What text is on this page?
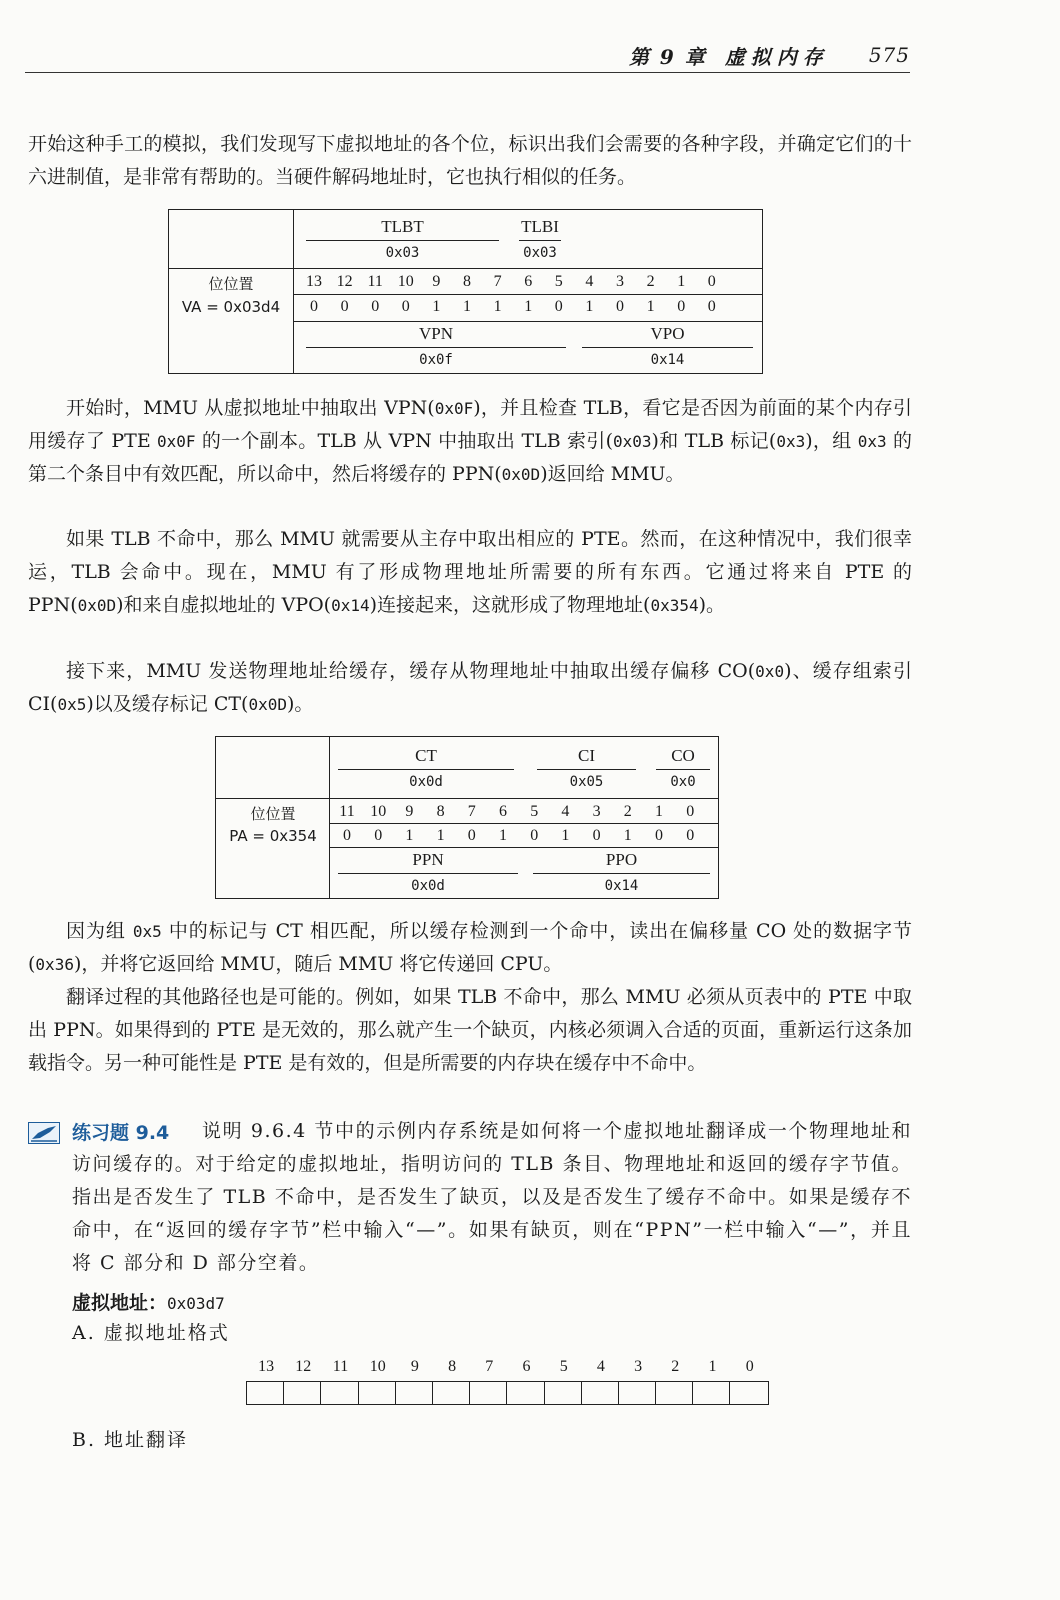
第 9 章 虚拟内存 575

开始这种手工的模拟，我们发现写下虚拟地址的各个位，标识出我们会需要的各种字段，并确定它们的十六进制值，是非常有帮助的。当硬件解码地址时，它也执行相似的任务。

TLBT
0x03
TLBI
0x03
位位置
VA = 0x03d4
13 12 11 10 9 8 7 6 5 4 3 2 1 0
0 0 0 0 1 1 1 1 0 1 0 1 0 0
VPN
0x0f
VPO
0x14
CT
0x0d
CI
0x05
CO
0x0
位位置
PA = 0x354
11 10 9 8 7 6 5 4 3 2 1 0
0 0 1 1 0 1 0 1 0 1 0 0
PPN
0x0d
PPO
0x14

开始时，MMU 从虚拟地址中抽取出 VPN(0x0F)，并且检查 TLB，看它是否因为前面的某个内存引用缓存了 PTE 0x0F 的一个副本。TLB 从 VPN 中抽取出 TLB 索引(0x03)和 TLB 标记(0x3)，组 0x3 的第二个条目中有效匹配，所以命中，然后将缓存的 PPN(0x0D)返回给 MMU。

如果 TLB 不命中，那么 MMU 就需要从主存中取出相应的 PTE。然而，在这种情况中，我们很幸运，TLB 会命中。现在，MMU 有了形成物理地址所需要的所有东西。它通过将来自 PTE 的 PPN(0x0D)和来自虚拟地址的 VPO(0x14)连接起来，这就形成了物理地址(0x354)。

接下来，MMU 发送物理地址给缓存，缓存从物理地址中抽取出缓存偏移 CO(0x0)、缓存组索引 CI(0x5)以及缓存标记 CT(0x0D)。

因为组 0x5 中的标记与 CT 相匹配，所以缓存检测到一个命中，读出在偏移量 CO 处的数据字节(0x36)，并将它返回给 MMU，随后 MMU 将它传递回 CPU。

翻译过程的其他路径也是可能的。例如，如果 TLB 不命中，那么 MMU 必须从页表中的 PTE 中取出 PPN。如果得到的 PTE 是无效的，那么就产生一个缺页，内核必须调入合适的页面，重新运行这条加载指令。另一种可能性是 PTE 是有效的，但是所需要的内存块在缓存中不命中。

练习题 9.4	说明 9.6.4 节中的示例内存系统是如何将一个虚拟地址翻译成一个物理地址和访问缓存的。对于给定的虚拟地址，指明访问的 TLB 条目、物理地址和返回的缓存字节值。指出是否发生了 TLB 不命中，是否发生了缺页，以及是否发生了缓存不命中。如果是缓存不命中，在“返回的缓存字节”栏中输入“—”。如果有缺页，则在“PPN”一栏中输入“—”，并且将 C 部分和 D 部分空着。

虚拟地址：0x03d7
A. 虚拟地址格式
13 12 11 10 9 8 7 6 5 4 3 2 1 0
B. 地址翻译
